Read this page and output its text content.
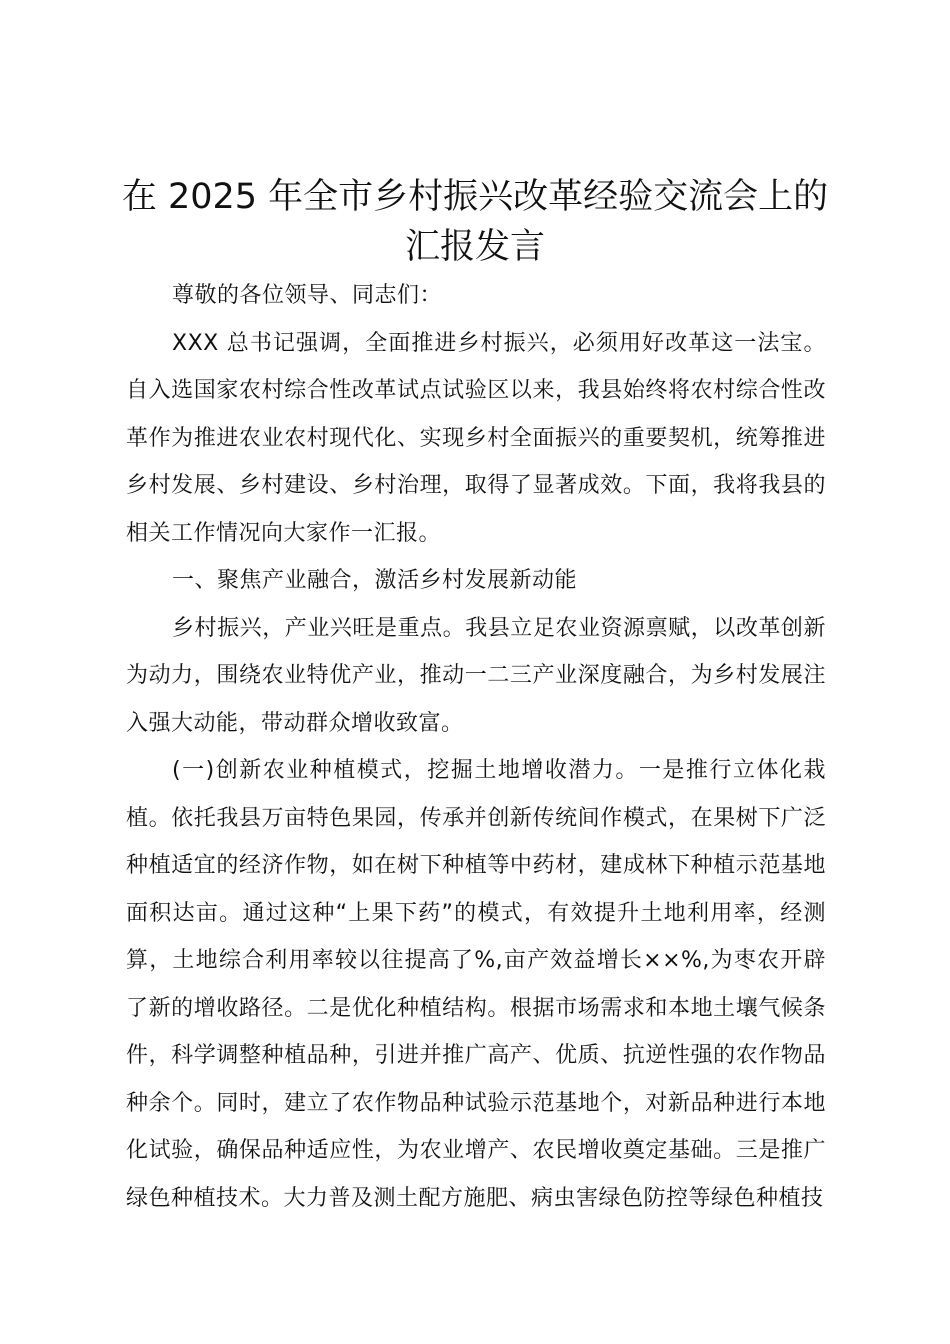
在 2025 年全市乡村振兴改革经验交流会上的
汇报发言

尊敬的各位领导、同志们：

XXX 总书记强调，全面推进乡村振兴，必须用好改革这一法宝。自入选国家农村综合性改革试点试验区以来，我县始终将农村综合性改革作为推进农业农村现代化、实现乡村全面振兴的重要契机，统筹推进乡村发展、乡村建设、乡村治理，取得了显著成效。下面，我将我县的相关工作情况向大家作一汇报。

一、聚焦产业融合，激活乡村发展新动能

乡村振兴，产业兴旺是重点。我县立足农业资源禀赋，以改革创新为动力，围绕农业特优产业，推动一二三产业深度融合，为乡村发展注入强大动能，带动群众增收致富。

(一)创新农业种植模式，挖掘土地增收潜力。一是推行立体化栽植。依托我县万亩特色果园，传承并创新传统间作模式，在果树下广泛种植适宜的经济作物，如在树下种植等中药材，建成林下种植示范基地面积达亩。通过这种“上果下药”的模式，有效提升土地利用率，经测算，土地综合利用率较以往提高了%,亩产效益增长××%,为枣农开辟了新的增收路径。二是优化种植结构。根据市场需求和本地土壤气候条件，科学调整种植品种，引进并推广高产、优质、抗逆性强的农作物品种余个。同时，建立了农作物品种试验示范基地个，对新品种进行本地化试验，确保品种适应性，为农业增产、农民增收奠定基础。三是推广绿色种植技术。大力普及测土配方施肥、病虫害绿色防控等绿色种植技
